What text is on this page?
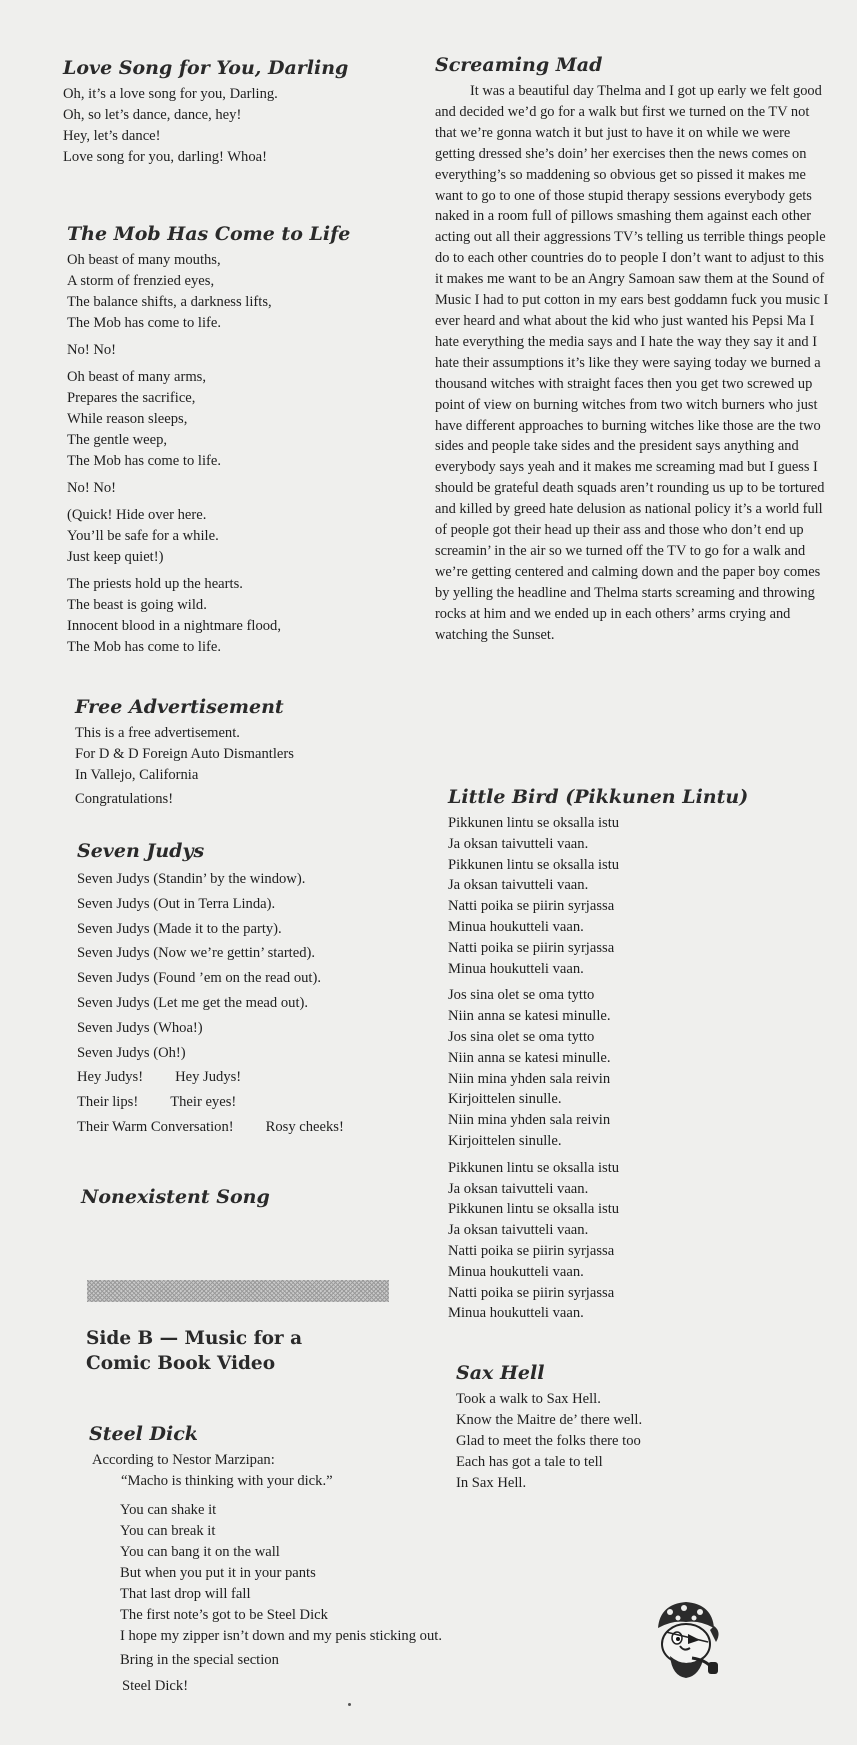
Love Song for You, Darling
Oh, it’s a love song for you, Darling.
Oh, so let’s dance, dance, hey!
Hey, let’s dance!
Love song for you, darling! Whoa!
The Mob Has Come to Life
Oh beast of many mouths,
A storm of frenzied eyes,
The balance shifts, a darkness lifts,
The Mob has come to life.
No! No!
Oh beast of many arms,
Prepares the sacrifice,
While reason sleeps,
The gentle weep,
The Mob has come to life.
No! No!
(Quick! Hide over here.
You’ll be safe for a while.
Just keep quiet!)
The priests hold up the hearts.
The beast is going wild.
Innocent blood in a nightmare flood,
The Mob has come to life.
Free Advertisement
This is a free advertisement.
For D & D Foreign Auto Dismantlers
In Vallejo, California
Congratulations!
Seven Judys
Seven Judys (Standin’ by the window).
Seven Judys (Out in Terra Linda).
Seven Judys (Made it to the party).
Seven Judys (Now we’re gettin’ started).
Seven Judys (Found ’em on the read out).
Seven Judys (Let me get the mead out).
Seven Judys (Whoa!)
Seven Judys (Oh!)
Hey Judys! Hey Judys!
Their lips! Their eyes!
Their Warm Conversation! Rosy cheeks!
Nonexistent Song
Side B — Music for a
Comic Book Video
Steel Dick
According to Nestor Marzipan:
“Macho is thinking with your dick.”
You can shake it
You can break it
You can bang it on the wall
But when you put it in your pants
That last drop will fall
The first note’s got to be Steel Dick
I hope my zipper isn’t down and my penis sticking out.
Bring in the special section
Steel Dick!
Screaming Mad

It was a beautiful day Thelma and I got up early we felt good and decided we’d go for a walk but first we turned on the TV not that we’re gonna watch it but just to have it on while we were getting dressed she’s doin’ her exercises then the news comes on everything’s so maddening so obvious get so pissed it makes me want to go to one of those stupid therapy sessions everybody gets naked in a room full of pillows smashing them against each other acting out all their aggressions TV’s telling us terrible things people do to each other countries do to people I don’t want to adjust to this it makes me want to be an Angry Samoan saw them at the Sound of Music I had to put cotton in my ears best goddamn fuck you music I ever heard and what about the kid who just wanted his Pepsi Ma I hate everything the media says and I hate the way they say it and I hate their assumptions it’s like they were saying today we burned a thousand witches with straight faces then you get two screwed up point of view on burning witches from two witch burners who just have different approaches to burning witches like those are the two sides and people take sides and the president says anything and everybody says yeah and it makes me screaming mad but I guess I should be grateful death squads aren’t rounding us up to be tortured and killed by greed hate delusion as national policy it’s a world full of people got their head up their ass and those who don’t end up screamin’ in the air so we turned off the TV to go for a walk and we’re getting centered and calming down and the paper boy comes by yelling the headline and Thelma starts screaming and throwing rocks at him and we ended up in each others’ arms crying and watching the Sunset.

Little Bird (Pikkunen Lintu)
Pikkunen lintu se oksalla istu
Ja oksan taivutteli vaan.
Pikkunen lintu se oksalla istu
Ja oksan taivutteli vaan.
Natti poika se piirin syrjassa
Minua houkutteli vaan.
Natti poika se piirin syrjassa
Minua houkutteli vaan.
Jos sina olet se oma tytto
Niin anna se katesi minulle.
Jos sina olet se oma tytto
Niin anna se katesi minulle.
Niin mina yhden sala reivin
Kirjoittelen sinulle.
Niin mina yhden sala reivin
Kirjoittelen sinulle.
Pikkunen lintu se oksalla istu
Ja oksan taivutteli vaan.
Pikkunen lintu se oksalla istu
Ja oksan taivutteli vaan.
Natti poika se piirin syrjassa
Minua houkutteli vaan.
Natti poika se piirin syrjassa
Minua houkutteli vaan.
Sax Hell
Took a walk to Sax Hell.
Know the Maitre de’ there well.
Glad to meet the folks there too
Each has got a tale to tell
In Sax Hell.
